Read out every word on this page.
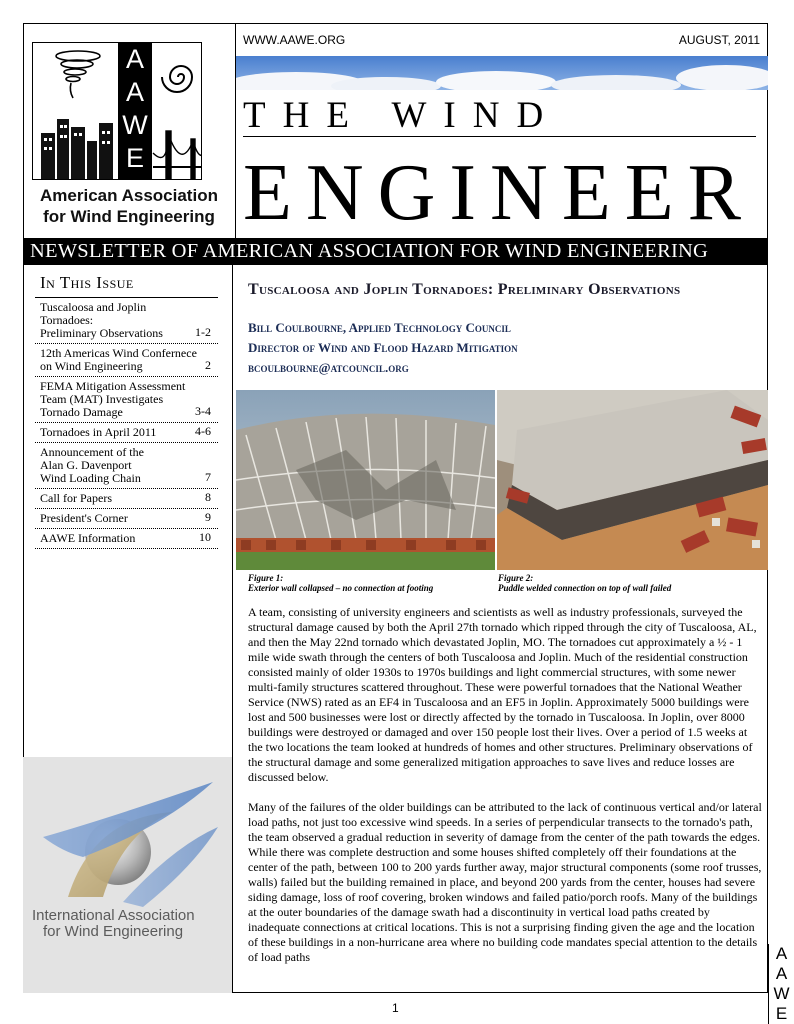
A
A
W
E
American Association
for Wind Engineering
WWW.AAWE.ORG	AUGUST, 2011
THE WIND
ENGINEER
NEWSLETTER OF AMERICAN ASSOCIATION FOR WIND ENGINEERING
In This Issue
Tuscaloosa and Joplin Tornadoes:
Preliminary Observations	1-2
12th Americas Wind Confernece
on Wind Engineering	2
FEMA Mitigation Assessment
Team (MAT) Investigates
Tornado Damage	3-4
Tornadoes in April 2011	4-6
Announcement of the
Alan G. Davenport
Wind Loading Chain	7
Call for Papers	8
President's Corner	9
AAWE Information	10
International Association
for Wind Engineering
Tuscaloosa and Joplin Tornadoes: Preliminary Observations
Bill Coulbourne, Applied Technology Council
Director of Wind and Flood Hazard Mitigation
bcoulbourne@atcouncil.org
Figure 1:
Exterior wall collapsed – no connection at footing
Figure 2:
Puddle welded connection on top of wall failed

A team, consisting of university engineers and scientists as well as industry professionals, surveyed the structural damage caused by both the April 27th tornado which ripped through the city of Tuscaloosa, AL, and then the May 22nd tornado which devastated Joplin, MO. The tornadoes cut approximately a ½ - 1 mile wide swath through the centers of both Tuscaloosa and Joplin. Much of the residential construction consisted mainly of older 1930s to 1970s buildings and light commercial structures, with some newer multi-family structures scattered throughout. These were powerful tornadoes that the National Weather Service (NWS) rated as an EF4 in Tuscaloosa and an EF5 in Joplin. Approximately 5000 buildings were lost and 500 businesses were lost or directly affected by the tornado in Tuscaloosa. In Joplin, over 8000 buildings were destroyed or damaged and over 150 people lost their lives. Over a period of 1.5 weeks at the two locations the team looked at hundreds of homes and other structures. Preliminary observations of the structural damage and some generalized mitigation approaches to save lives and reduce losses are discussed below.

Many of the failures of the older buildings can be attributed to the lack of continuous vertical and/or lateral load paths, not just too excessive wind speeds. In a series of perpendicular transects to the tornado's path, the team observed a gradual reduction in severity of damage from the center of the path towards the edges. While there was complete destruction and some houses shifted completely off their foundations at the center of the path, between 100 to 200 yards further away, major structural components (some roof trusses, walls) failed but the building remained in place, and beyond 200 yards from the center, houses had severe siding damage, loss of roof covering, broken windows and failed patio/porch roofs. Many of the buildings at the outer boundaries of the damage swath had a discontinuity in vertical load paths created by inadequate connections at critical locations. This is not a surprising finding given the age and the location of these buildings in a non-hurricane area where no building code mandates special attention to the details of load paths

1
A
A
W
E
